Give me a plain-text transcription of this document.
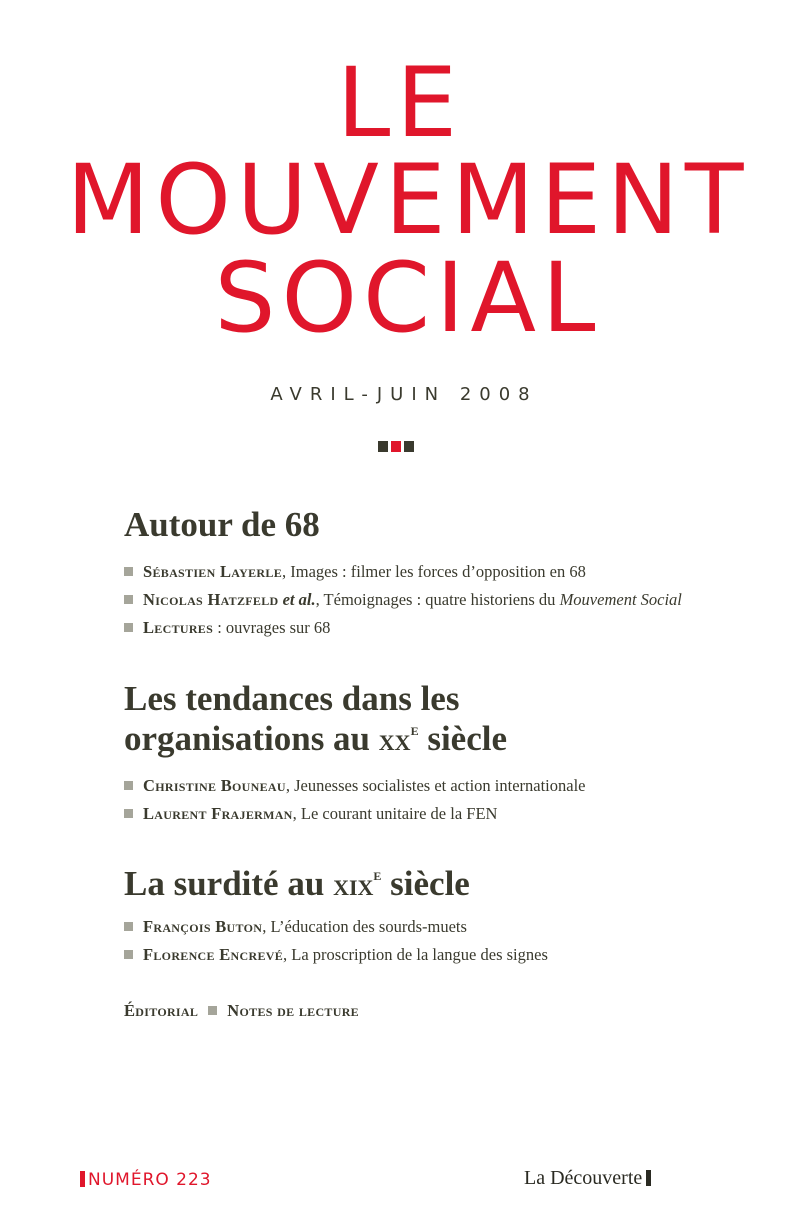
LE
MOUVEMENT
SOCIAL
AVRIL-JUIN 2008
Autour de 68
Sébastien Layerle, Images : filmer les forces d’opposition en 68
Nicolas Hatzfeld et al., Témoignages : quatre historiens du Mouvement Social
Lectures : ouvrages sur 68
Les tendances dans les
organisations au $xx^e$ siècle
Christine Bouneau, Jeunesses socialistes et action internationale
Laurent Frajerman, Le courant unitaire de la FEN
La surdité au xix$^e$ siècle
François Buton, L’éducation des sourds-muets
Florence Encrevé, La proscription de la langue des signes
Éditorial Notes de lecture
NUMÉRO 223	La Découverte
